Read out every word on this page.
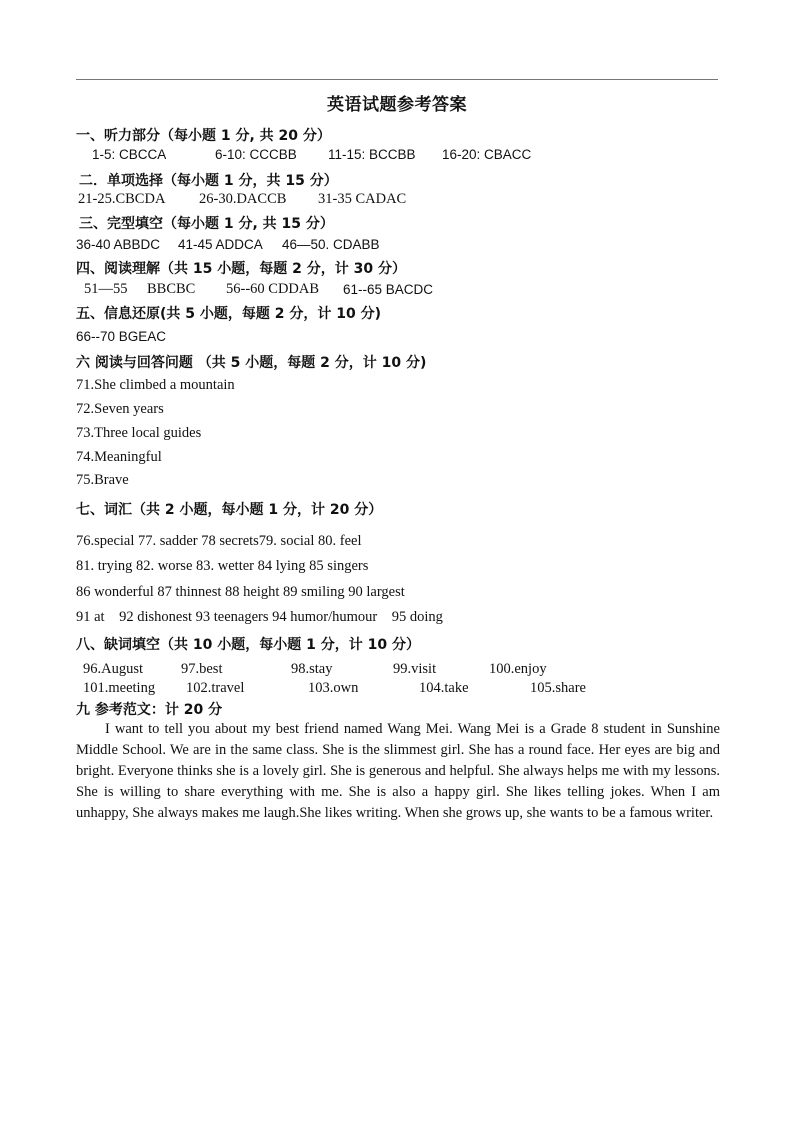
英语试题参考答案
一、听力部分（每小题 1 分, 共 20 分）
1-5: CBCCA	6-10: CCCBB 11-15: BCCBB 16-20: CBACC
二．单项选择（每小题 1 分，共 15 分）
21-25.CBCDA 26-30.DACCB 31-35 CADAC
三、完型填空（每小题 1 分, 共 15 分）
36-40 ABBDC 41-45 ADDCA 46—50. CDABB
四、阅读理解（共 15 小题，每题 2 分，计 30 分）
51—55 BBCBC 56--60 CDDAB 61--65 BACDC
五、信息还原(共 5 小题，每题 2 分，计 10 分)
66--70 BGEAC
六 阅读与回答问题 （共 5 小题，每题 2 分，计 10 分)
71.She climbed a mountain
72.Seven years
73.Three local guides
74.Meaningful
75.Brave
七、词汇（共 2 小题，每小题 1 分，计 20 分）
76.special 77. sadder 78 secrets79. social 80. feel
81. trying 82. worse 83. wetter 84 lying 85 singers
86 wonderful 87 thinnest 88 height 89 smiling 90 largest
91 at    92 dishonest 93 teenagers 94 humor/humour    95 doing
八、缺词填空（共 10 小题，每小题 1 分，计 10 分）
96.August	97.best	98.stay	99.visit	100.enjoy
101.meeting 102.travel	103.own	104.take	105.share
九 参考范文：计 20 分

I want to tell you about my best friend named Wang Mei. Wang Mei is a Grade 8 student in Sunshine Middle School. We are in the same class. She is the slimmest girl. She has a round face. Her eyes are big and bright. Everyone thinks she is a lovely girl. She is generous and helpful. She always helps me with my lessons. She is willing to share everything with me. She is also a happy girl. She likes telling jokes. When I am unhappy, She always makes me laugh.She likes writing. When she grows up, she wants to be a famous writer.
